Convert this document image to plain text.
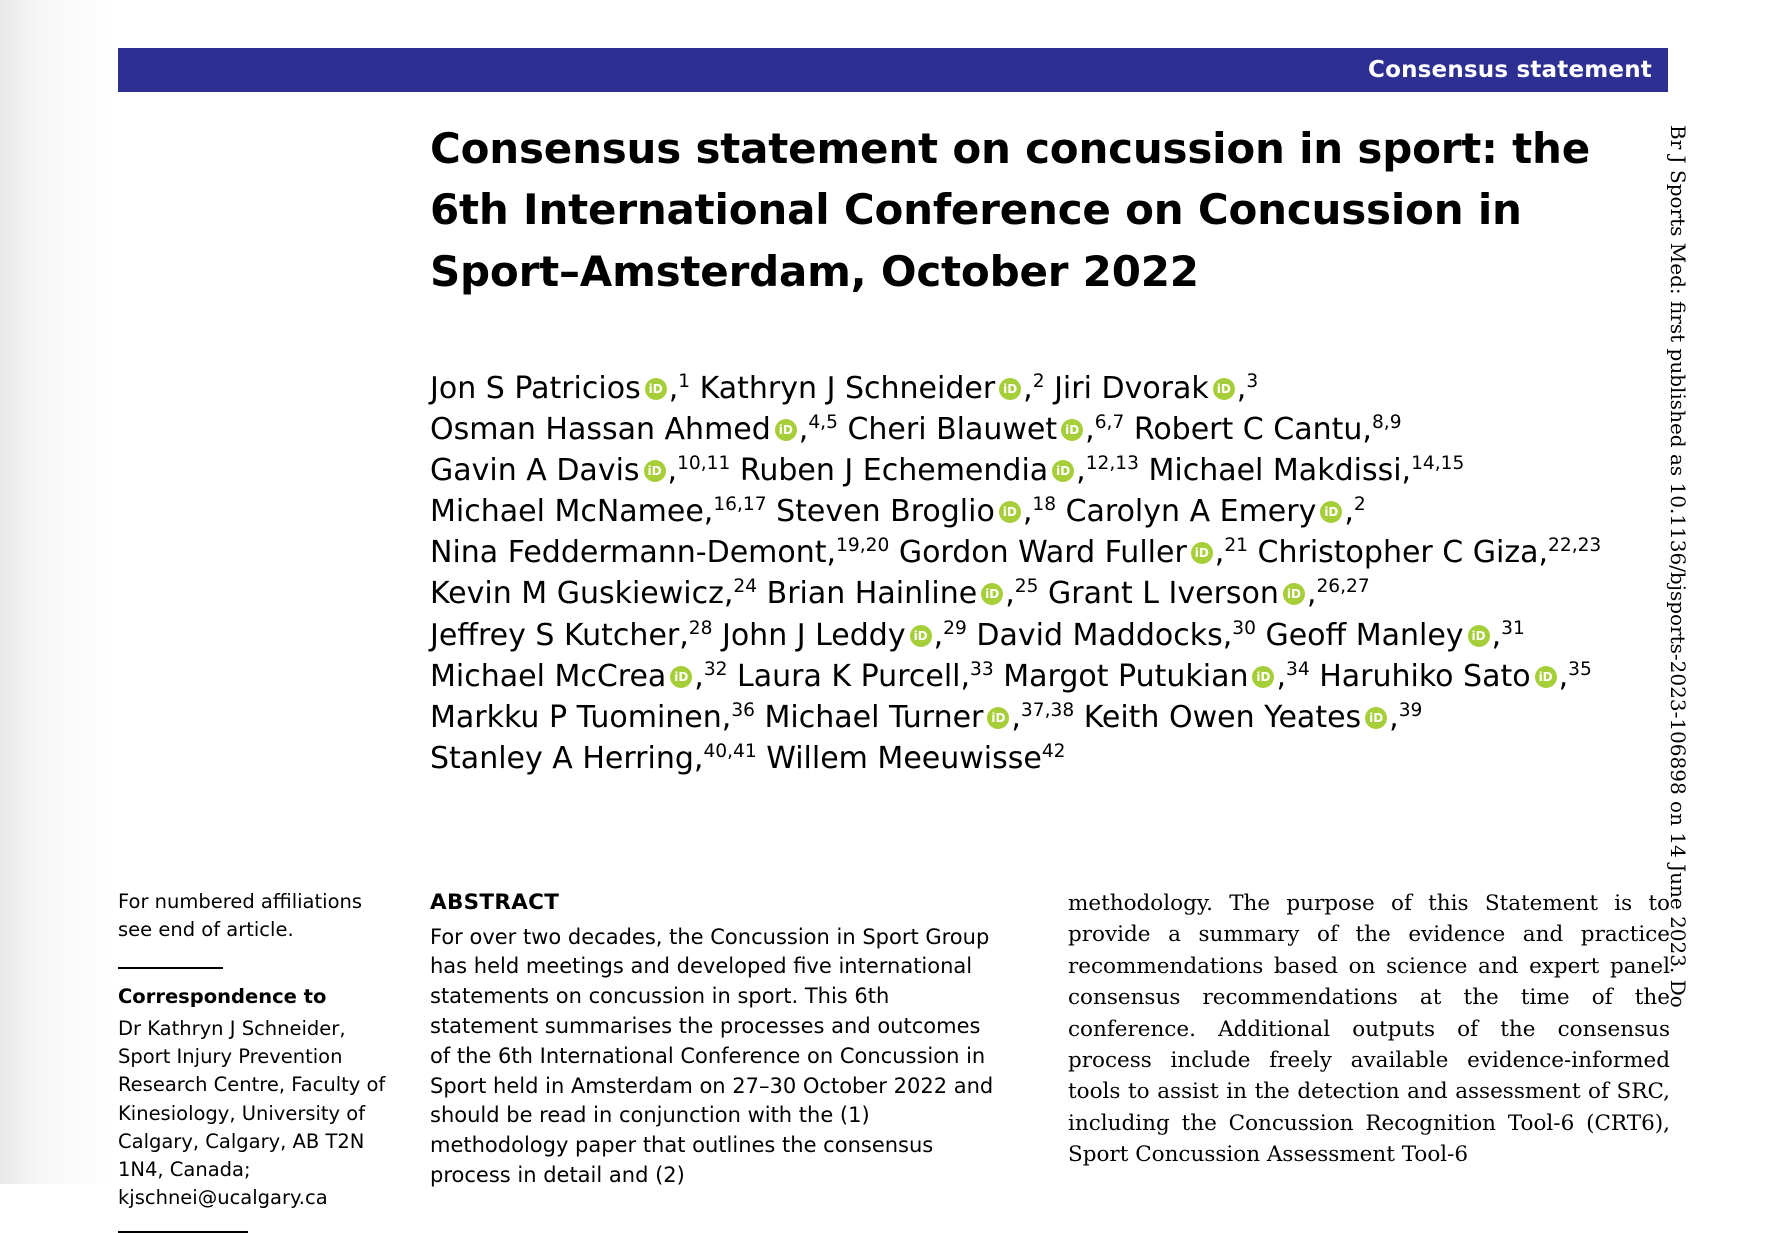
Consensus statement
Br J Sports Med: first published as 10.1136/bjsports-2023-106898 on 14 June 2023. Do
Consensus statement on concussion in sport: the 6th International Conference on Concussion in Sport–Amsterdam, October 2022
Jon S Patricios iD ,$^1$ Kathryn J Schneider iD ,$^2$ Jiri Dvorak iD ,$^3$
Osman Hassan Ahmed iD ,$^{4,5}$ Cheri Blauwet iD ,$^{6,7}$ Robert C Cantu,$^{8,9}$
Gavin A Davis iD ,$^{10,11}$ Ruben J Echemendia iD ,$^{12,13}$ Michael Makdissi,$^{14,15}$
Michael McNamee,$^{16,17}$ Steven Broglio iD ,$^{18}$ Carolyn A Emery iD ,$^2$
Nina Feddermann-Demont,$^{19,20}$ Gordon Ward Fuller iD ,$^{21}$ Christopher C Giza,$^{22,23}$
Kevin M Guskiewicz,$^{24}$ Brian Hainline iD ,$^{25}$ Grant L Iverson iD ,$^{26,27}$
Jeffrey S Kutcher,$^{28}$ John J Leddy iD ,$^{29}$ David Maddocks,$^{30}$ Geoff Manley iD ,$^{31}$
Michael McCrea iD ,$^{32}$ Laura K Purcell,$^{33}$ Margot Putukian iD ,$^{34}$ Haruhiko Sato iD ,$^{35}$
Markku P Tuominen,$^{36}$ Michael Turner iD ,$^{37,38}$ Keith Owen Yeates iD ,$^{39}$
Stanley A Herring,$^{40,41}$ Willem Meeuwisse$^{42}$
For numbered affiliations see end of article.
Correspondence to
Dr Kathryn J Schneider, Sport Injury Prevention Research Centre, Faculty of Kinesiology, University of Calgary, Calgary, AB T2N 1N4, Canada; kjschnei@ucalgary.ca
ABSTRACT
For over two decades, the Concussion in Sport Group has held meetings and developed five international statements on concussion in sport. This 6th statement summarises the processes and outcomes of the 6th International Conference on Concussion in Sport held in Amsterdam on 27–30 October 2022 and should be read in conjunction with the (1) methodology paper that outlines the consensus process in detail and (2)
methodology. The purpose of this Statement is to provide a summary of the evidence and practice recommendations based on science and expert panel consensus recommendations at the time of the conference. Additional outputs of the consensus process include freely available evidence-informed tools to assist in the detection and assessment of SRC, including the Concussion Recognition Tool-6 (CRT6), Sport Concussion Assessment Tool-6
